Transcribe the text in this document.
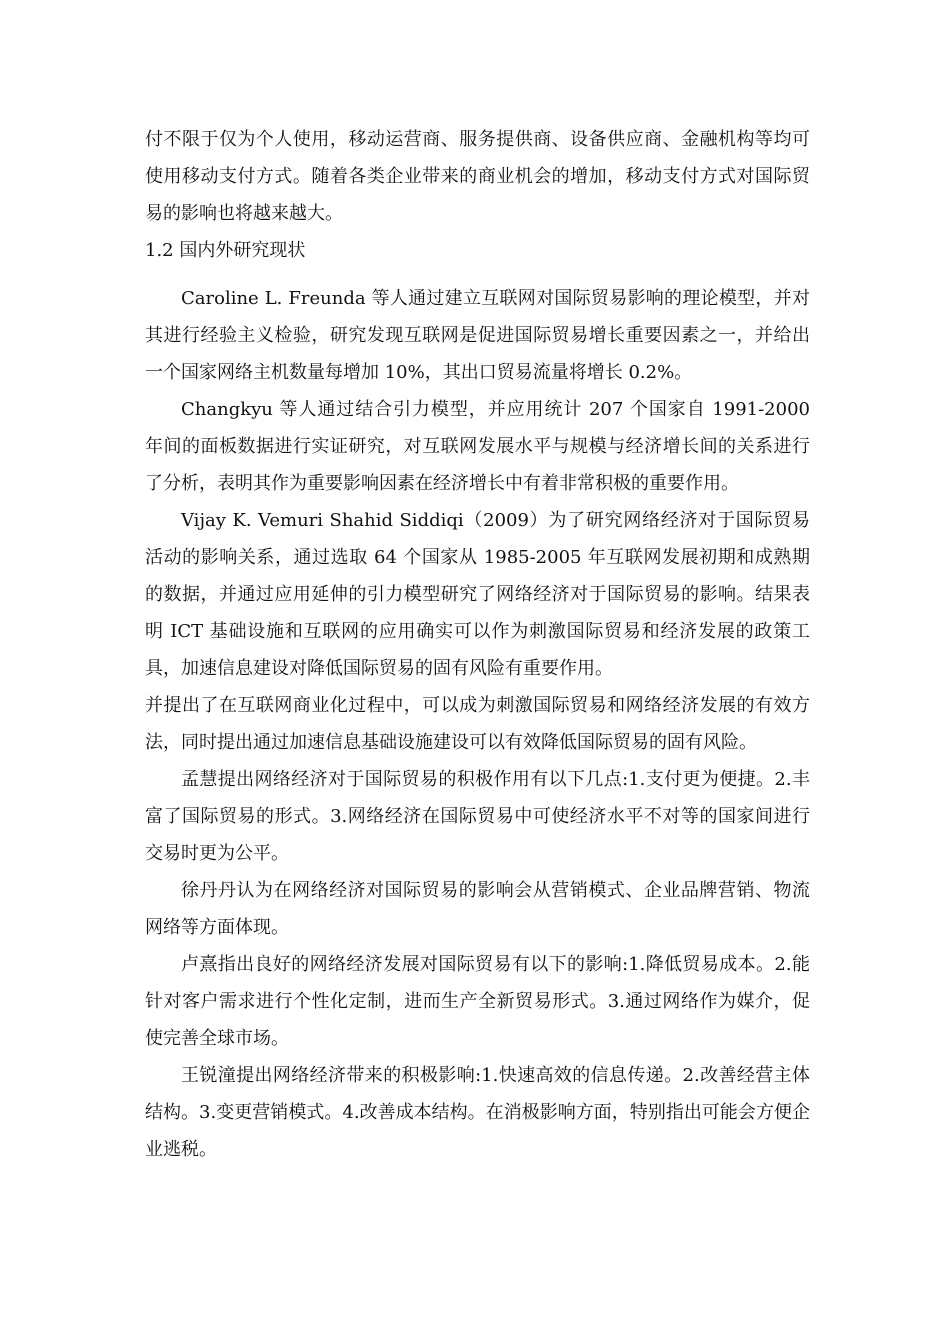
付不限于仅为个人使用，移动运营商、服务提供商、设备供应商、金融机构等均可使用移动支付方式。随着各类企业带来的商业机会的增加，移动支付方式对国际贸易的影响也将越来越大。

1.2 国内外研究现状

Caroline L. Freunda 等人通过建立互联网对国际贸易影响的理论模型，并对其进行经验主义检验，研究发现互联网是促进国际贸易增长重要因素之一，并给出一个国家网络主机数量每增加 10%，其出口贸易流量将增长 0.2%。

Changkyu 等人通过结合引力模型，并应用统计 207 个国家自 1991-2000 年间的面板数据进行实证研究，对互联网发展水平与规模与经济增长间的关系进行了分析，表明其作为重要影响因素在经济增长中有着非常积极的重要作用。

Vijay K. Vemuri Shahid Siddiqi（2009）为了研究网络经济对于国际贸易活动的影响关系，通过选取 64 个国家从 1985-2005 年互联网发展初期和成熟期的数据，并通过应用延伸的引力模型研究了网络经济对于国际贸易的影响。结果表明 ICT 基础设施和互联网的应用确实可以作为刺激国际贸易和经济发展的政策工具，加速信息建设对降低国际贸易的固有风险有重要作用。

并提出了在互联网商业化过程中，可以成为刺激国际贸易和网络经济发展的有效方法，同时提出通过加速信息基础设施建设可以有效降低国际贸易的固有风险。

孟慧提出网络经济对于国际贸易的积极作用有以下几点:1.支付更为便捷。2.丰富了国际贸易的形式。3.网络经济在国际贸易中可使经济水平不对等的国家间进行交易时更为公平。

徐丹丹认为在网络经济对国际贸易的影响会从营销模式、企业品牌营销、物流网络等方面体现。

卢熹指出良好的网络经济发展对国际贸易有以下的影响:1.降低贸易成本。2.能针对客户需求进行个性化定制，进而生产全新贸易形式。3.通过网络作为媒介，促使完善全球市场。

王锐潼提出网络经济带来的积极影响:1.快速高效的信息传递。2.改善经营主体结构。3.变更营销模式。4.改善成本结构。在消极影响方面，特别指出可能会方便企业逃税。
